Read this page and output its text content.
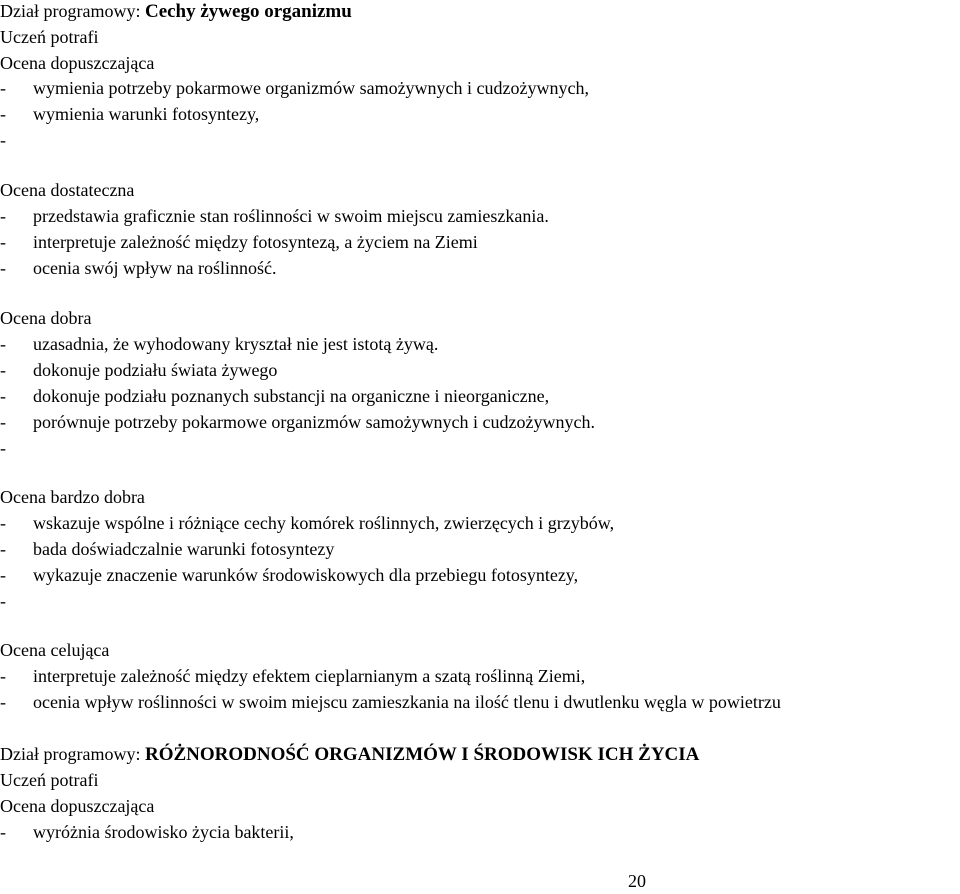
Dział programowy: Cechy żywego organizmu
Uczeń potrafi
Ocena dopuszczająca
- wymienia potrzeby pokarmowe organizmów samożywnych i cudzożywnych,
- wymienia warunki fotosyntezy,
-
Ocena dostateczna
- przedstawia graficznie stan roślinności w swoim miejscu zamieszkania.
- interpretuje zależność między fotosyntezą, a życiem na Ziemi
- ocenia swój wpływ na roślinność.
Ocena dobra
- uzasadnia, że wyhodowany kryształ nie jest istotą żywą.
- dokonuje podziału świata żywego
- dokonuje podziału poznanych substancji na organiczne i nieorganiczne,
- porównuje potrzeby pokarmowe organizmów samożywnych i cudzożywnych.
-
Ocena bardzo dobra
- wskazuje wspólne i różniące cechy komórek roślinnych, zwierzęcych i grzybów,
- bada doświadczalnie warunki fotosyntezy
- wykazuje znaczenie warunków środowiskowych dla przebiegu fotosyntezy,
-
Ocena celująca
- interpretuje zależność między efektem cieplarnianym a szatą roślinną Ziemi,
- ocenia wpływ roślinności w swoim miejscu zamieszkania na ilość tlenu i dwutlenku węgla w powietrzu
Dział programowy: RÓŻNORODNOŚĆ ORGANIZMÓW I ŚRODOWISK ICH ŻYCIA
Uczeń potrafi
Ocena dopuszczająca
- wyróżnia środowisko życia bakterii,
20
